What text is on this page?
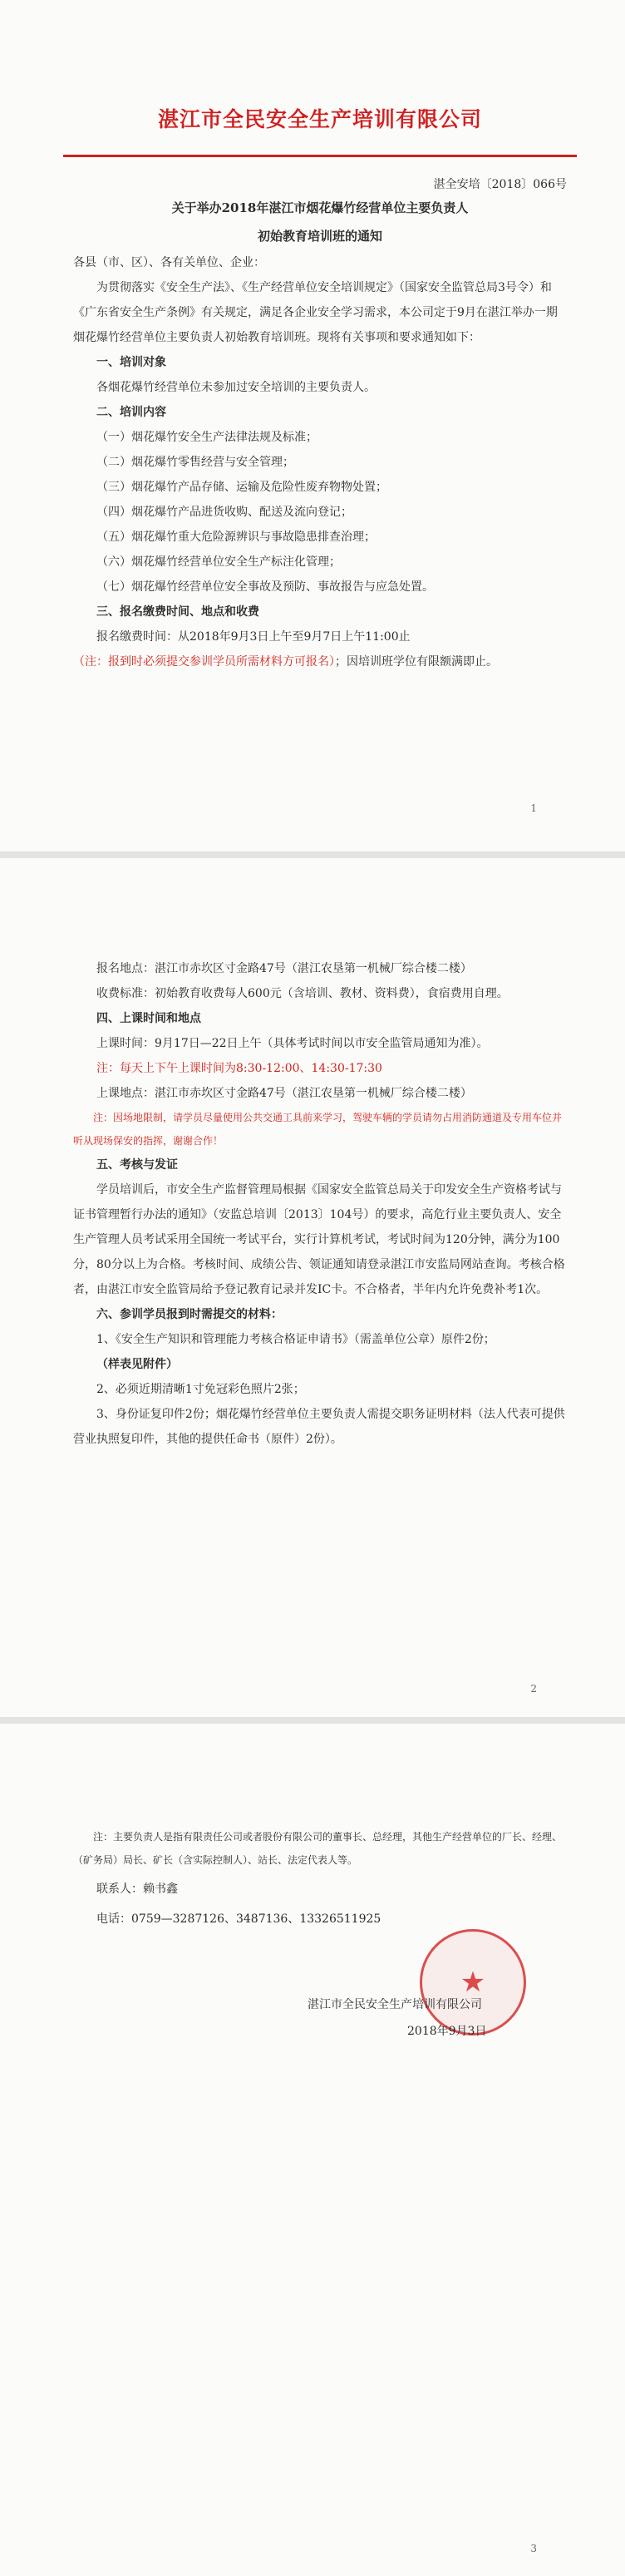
湛江市全民安全生产培训有限公司
湛全安培〔2018〕066号
关于举办2018年湛江市烟花爆竹经营单位主要负责人
初始教育培训班的通知

各县（市、区）、各有关单位、企业：

为贯彻落实《安全生产法》、《生产经营单位安全培训规定》（国家安全监管总局3号令）和《广东省安全生产条例》有关规定，满足各企业安全学习需求，本公司定于9月在湛江举办一期烟花爆竹经营单位主要负责人初始教育培训班。现将有关事项和要求通知如下：

一、培训对象

各烟花爆竹经营单位未参加过安全培训的主要负责人。

二、培训内容

（一）烟花爆竹安全生产法律法规及标准；

（二）烟花爆竹零售经营与安全管理；

（三）烟花爆竹产品存储、运输及危险性废弃物物处置；

（四）烟花爆竹产品进货收购、配送及流向登记；

（五）烟花爆竹重大危险源辨识与事故隐患排查治理；

（六）烟花爆竹经营单位安全生产标注化管理；

（七）烟花爆竹经营单位安全事故及预防、事故报告与应急处置。

三、报名缴费时间、地点和收费

报名缴费时间：从2018年9月3日上午至9月7日上午11:00止

（注：报到时必须提交参训学员所需材料方可报名）；因培训班学位有限额满即止。

1

报名地点：湛江市赤坎区寸金路47号（湛江农垦第一机械厂综合楼二楼）

收费标准：初始教育收费每人600元（含培训、教材、资料费），食宿费用自理。

四、上课时间和地点

上课时间：9月17日—22日上午（具体考试时间以市安全监管局通知为准）。

注：每天上下午上课时间为8:30-12:00、14:30-17:30

上课地点：湛江市赤坎区寸金路47号（湛江农垦第一机械厂综合楼二楼）

注：因场地限制，请学员尽量使用公共交通工具前来学习，驾驶车辆的学员请勿占用消防通道及专用车位并听从现场保安的指挥，谢谢合作！

五、考核与发证

学员培训后，市安全生产监督管理局根据《国家安全监管总局关于印发安全生产资格考试与证书管理暂行办法的通知》（安监总培训〔2013〕104号）的要求，高危行业主要负责人、安全生产管理人员考试采用全国统一考试平台，实行计算机考试，考试时间为120分钟，满分为100分，80分以上为合格。考核时间、成绩公告、领证通知请登录湛江市安监局网站查询。考核合格者，由湛江市安全监管局给予登记教育记录并发IC卡。不合格者，半年内允许免费补考1次。

六、参训学员报到时需提交的材料：

1、《安全生产知识和管理能力考核合格证申请书》（需盖单位公章）原件2份；

（样表见附件）

2、必须近期清晰1寸免冠彩色照片2张；

3、身份证复印件2份；烟花爆竹经营单位主要负责人需提交职务证明材料（法人代表可提供营业执照复印件，其他的提供任命书（原件）2份）。

2

注：主要负责人是指有限责任公司或者股份有限公司的董事长、总经理，其他生产经营单位的厂长、经理、（矿务局）局长、矿长（含实际控制人）、站长、法定代表人等。

联系人：赖书鑫

电话：0759—3287126、3487136、13326511925

3
★
湛江市全民安全生产培训有限公司
2018年9月3日
